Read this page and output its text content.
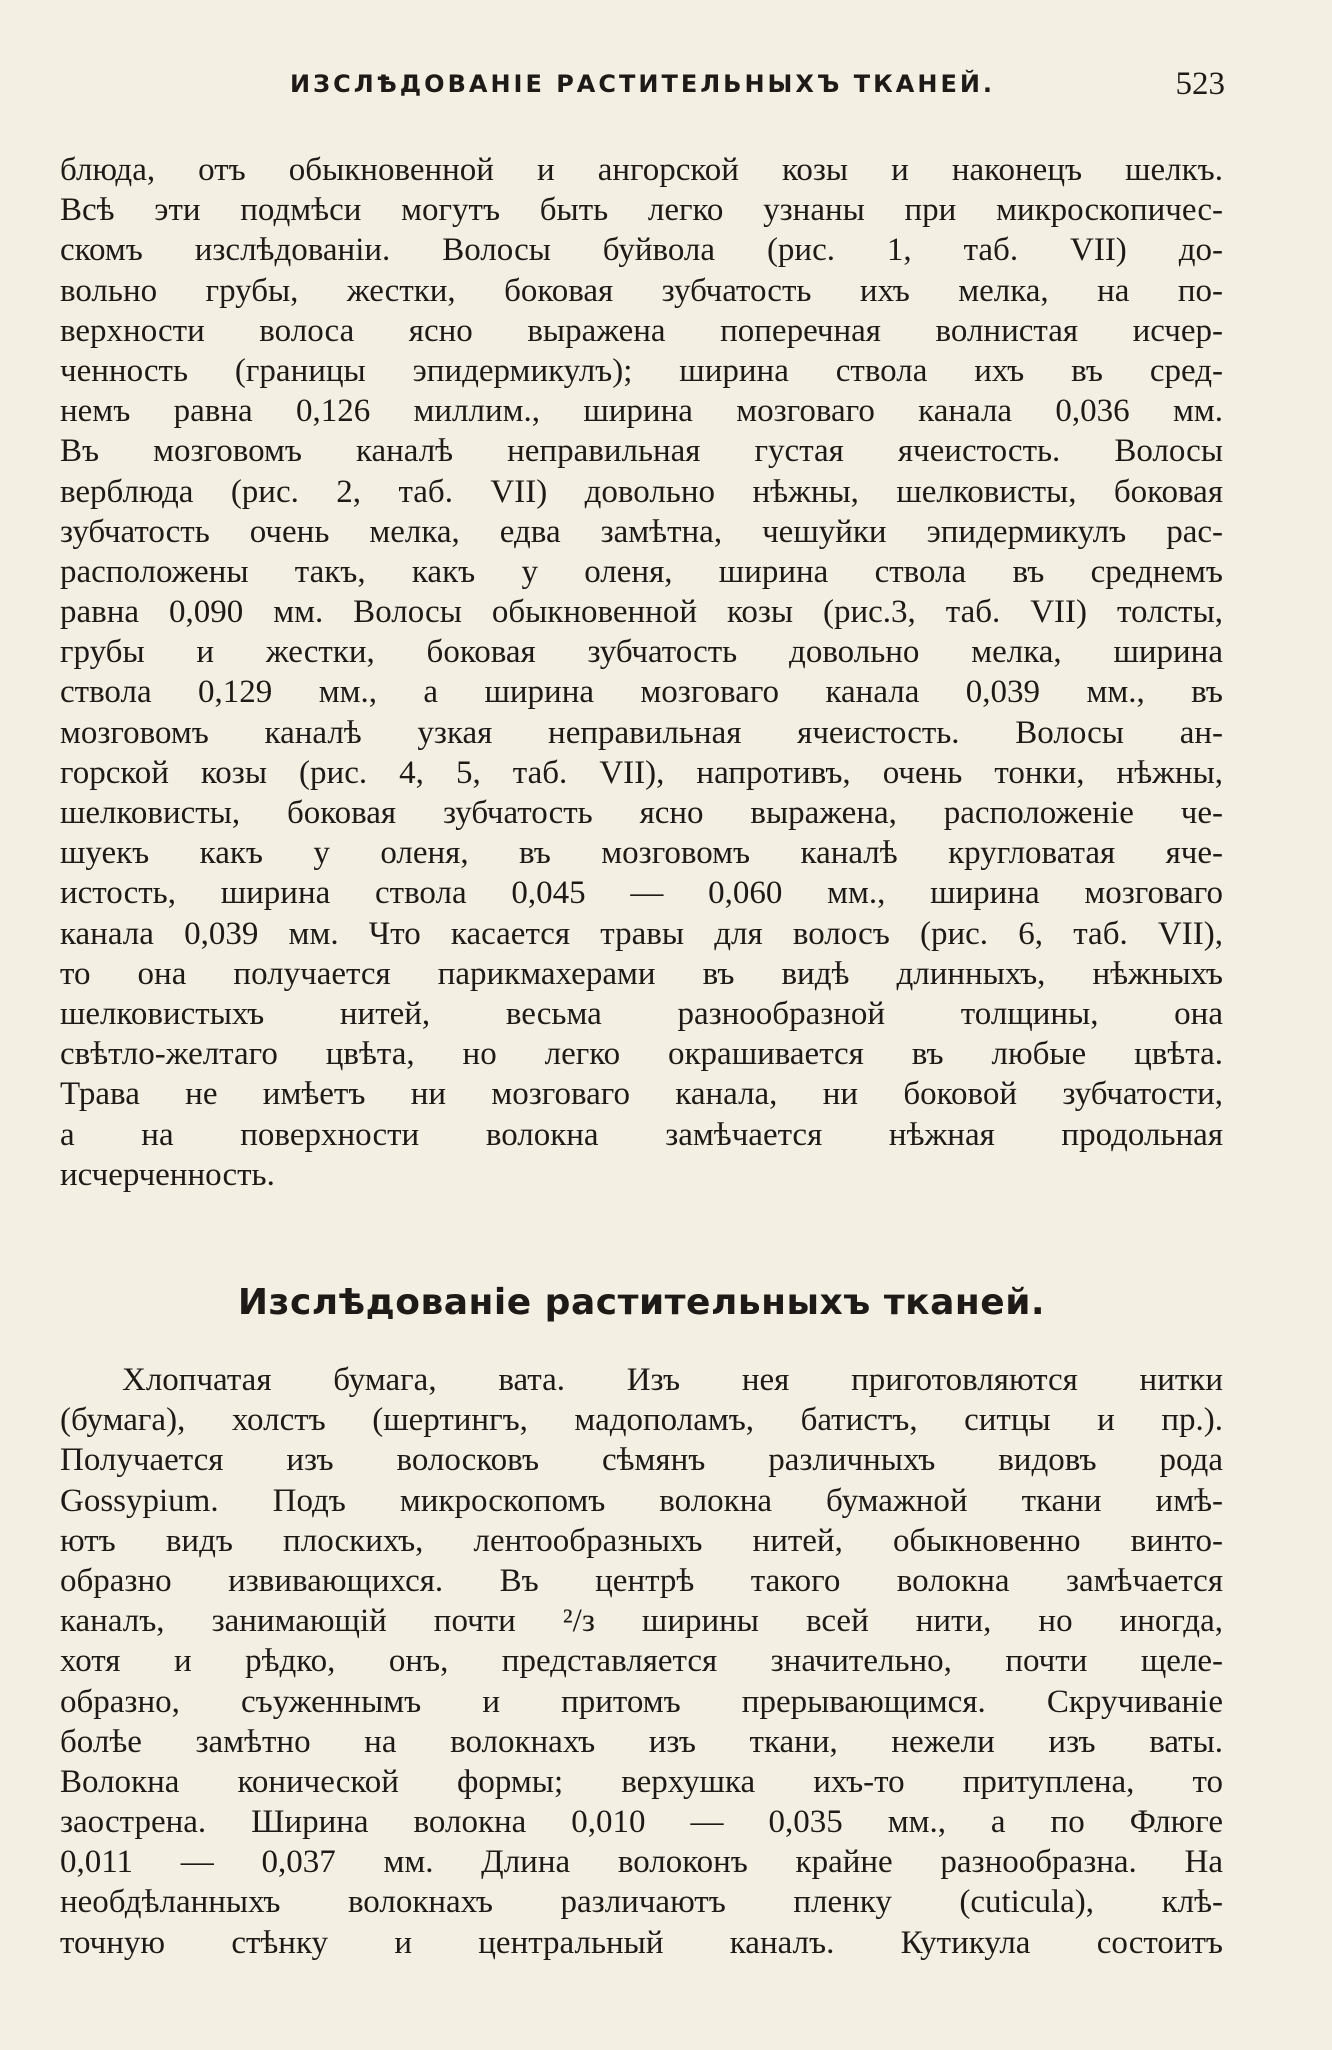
ИЗСЛѢДОВАНІЕ РАСТИТЕЛЬНЫХЪ ТКАНЕЙ.	523
блюда, отъ обыкновенной и ангорской козы и наконецъ шелкъ.
Всѣ эти подмѣси могутъ быть легко узнаны при микроскопичес-
скомъ изслѣдованіи. Волосы буйвола (рис. 1, таб. VII) до-
вольно грубы, жестки, боковая зубчатость ихъ мелка, на по-
верхности волоса ясно выражена поперечная волнистая исчер-
ченность (границы эпидермикулъ); ширина ствола ихъ въ сред-
немъ равна 0,126 миллим., ширина мозговаго канала 0,036 мм.
Въ мозговомъ каналѣ неправильная густая ячеистость. Волосы
верблюда (рис. 2, таб. VII) довольно нѣжны, шелковисты, боковая
зубчатость очень мелка, едва замѣтна, чешуйки эпидермикулъ рас-
расположены такъ, какъ у оленя, ширина ствола въ среднемъ
равна 0,090 мм. Волосы обыкновенной козы (рис.3, таб. VII) толсты,
грубы и жестки, боковая зубчатость довольно мелка, ширина
ствола 0,129 мм., а ширина мозговаго канала 0,039 мм., въ
мозговомъ каналѣ узкая неправильная ячеистость. Волосы ан-
горской козы (рис. 4, 5, таб. VII), напротивъ, очень тонки, нѣжны,
шелковисты, боковая зубчатость ясно выражена, расположеніе че-
шуекъ какъ у оленя, въ мозговомъ каналѣ кругловатая яче-
истость, ширина ствола 0,045 — 0,060 мм., ширина мозговаго
канала 0,039 мм. Что касается травы для волосъ (рис. 6, таб. VII),
то она получается парикмахерами въ видѣ длинныхъ, нѣжныхъ
шелковистыхъ нитей, весьма разнообразной толщины, она
свѣтло-желтаго цвѣта, но легко окрашивается въ любые цвѣта.
Трава не имѣетъ ни мозговаго канала, ни боковой зубчатости,
а на поверхности волокна замѣчается нѣжная продольная
исчерченность.
Изслѣдованіе растительныхъ тканей.
Хлопчатая бумага, вата. Изъ нея приготовляются нитки
(бумага), холстъ (шертингъ, мадополамъ, батистъ, ситцы и пр.).
Получается изъ волосковъ сѣмянъ различныхъ видовъ рода
Gossypium. Подъ микроскопомъ волокна бумажной ткани имѣ-
ютъ видъ плоскихъ, лентообразныхъ нитей, обыкновенно винто-
образно извивающихся. Въ центрѣ такого волокна замѣчается
каналъ, занимающій почти ²/з ширины всей нити, но иногда,
хотя и рѣдко, онъ, представляется значительно, почти щеле-
образно, съуженнымъ и притомъ прерывающимся. Скручиваніе
болѣе замѣтно на волокнахъ изъ ткани, нежели изъ ваты.
Волокна конической формы; верхушка ихъ-то притуплена, то
заострена. Ширина волокна 0,010 — 0,035 мм., а по Флюге
0,011 — 0,037 мм. Длина волоконъ крайне разнообразна. На
необдѣланныхъ волокнахъ различаютъ пленку (cuticula), клѣ-
точную стѣнку и центральный каналъ. Кутикула состоитъ
